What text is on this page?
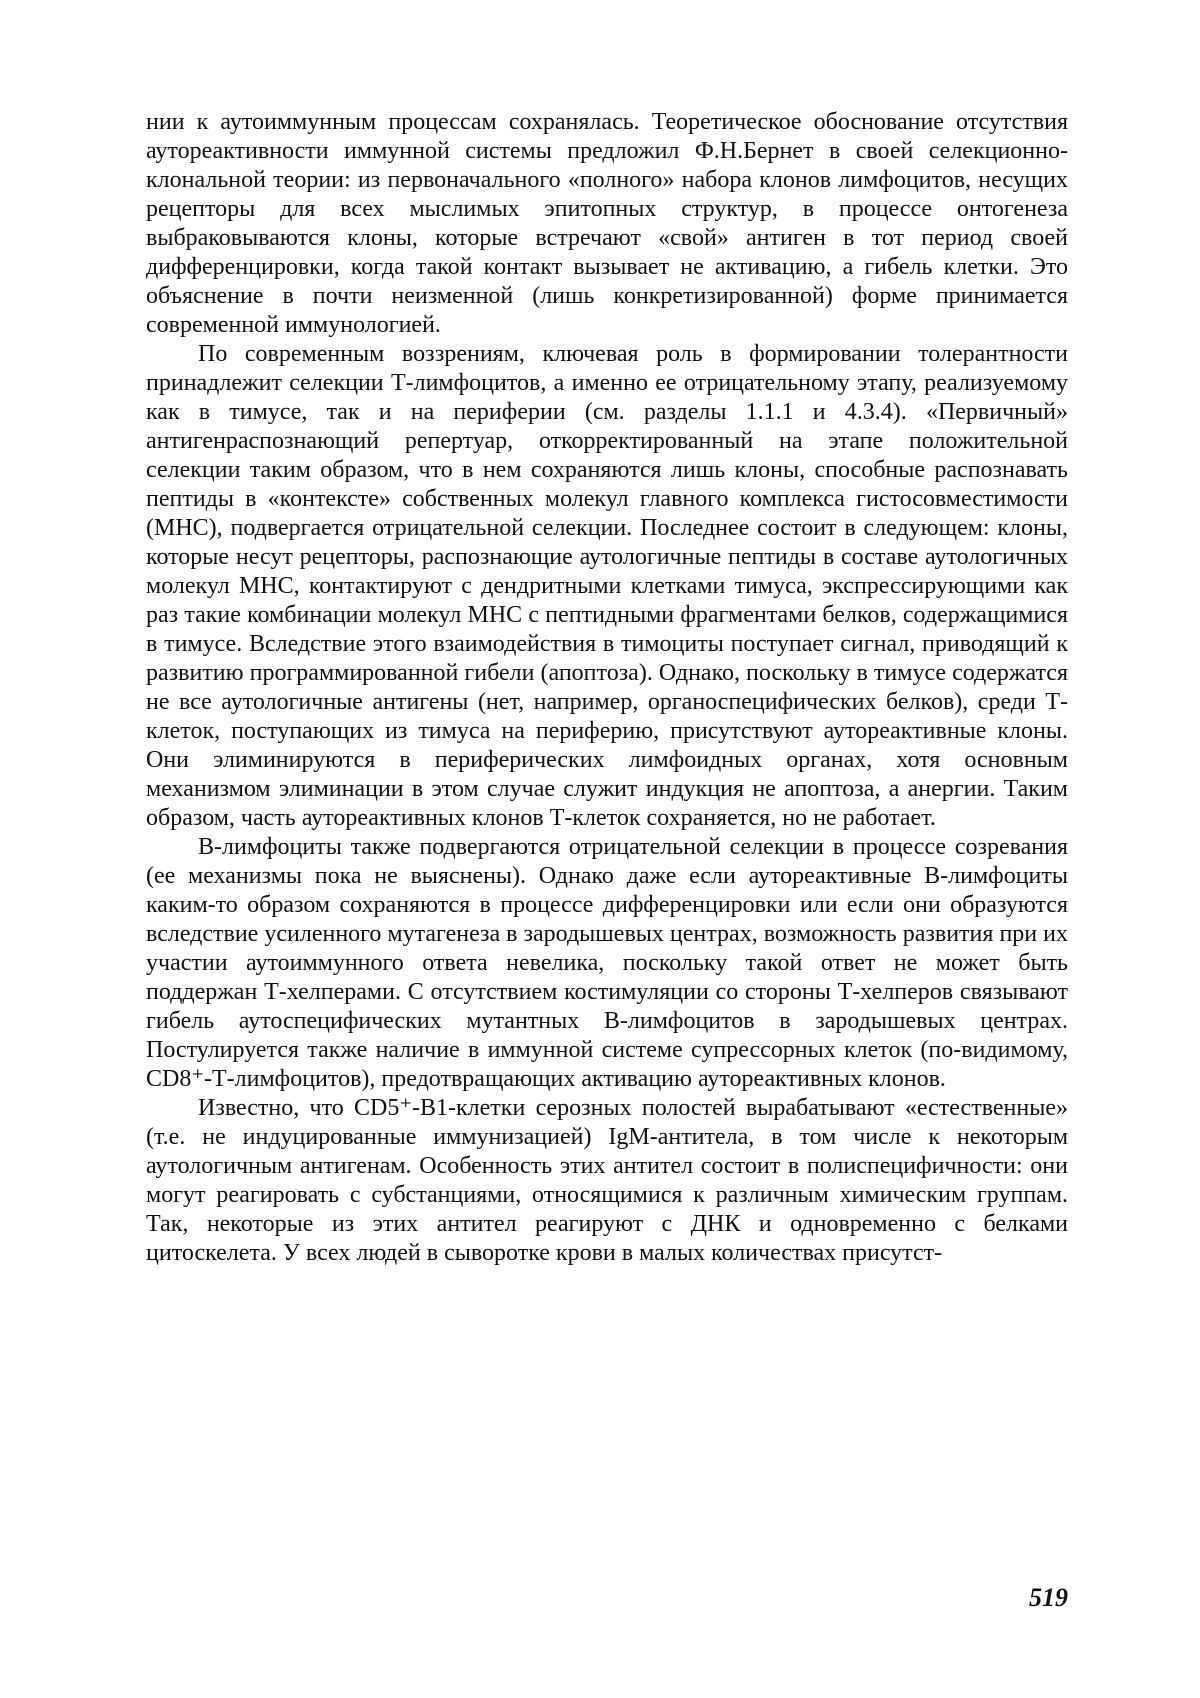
нии к аутоиммунным процессам сохранялась. Теоретическое обоснование отсутствия аутореактивности иммунной системы предложил Ф.Н.Бернет в своей селекционно-клональной теории: из первоначального «полного» набора клонов лимфоцитов, несущих рецепторы для всех мыслимых эпитопных структур, в процессе онтогенеза выбраковываются клоны, которые встречают «свой» антиген в тот период своей дифференцировки, когда такой контакт вызывает не активацию, а гибель клетки. Это объяснение в почти неизменной (лишь конкретизированной) форме принимается современной иммунологией.

По современным воззрениям, ключевая роль в формировании толерантности принадлежит селекции Т-лимфоцитов, а именно ее отрицательному этапу, реализуемому как в тимусе, так и на периферии (см. разделы 1.1.1 и 4.3.4). «Первичный» антигенраспознающий репертуар, откорректированный на этапе положительной селекции таким образом, что в нем сохраняются лишь клоны, способные распознавать пептиды в «контексте» собственных молекул главного комплекса гистосовместимости (МНС), подвергается отрицательной селекции. Последнее состоит в следующем: клоны, которые несут рецепторы, распознающие аутологичные пептиды в составе аутологичных молекул МНС, контактируют с дендритными клетками тимуса, экспрессирующими как раз такие комбинации молекул МНС с пептидными фрагментами белков, содержащимися в тимусе. Вследствие этого взаимодействия в тимоциты поступает сигнал, приводящий к развитию программированной гибели (апоптоза). Однако, поскольку в тимусе содержатся не все аутологичные антигены (нет, например, органоспецифических белков), среди Т-клеток, поступающих из тимуса на периферию, присутствуют аутореактивные клоны. Они элиминируются в периферических лимфоидных органах, хотя основным механизмом элиминации в этом случае служит индукция не апоптоза, а анергии. Таким образом, часть аутореактивных клонов Т-клеток сохраняется, но не работает.

В-лимфоциты также подвергаются отрицательной селекции в процессе созревания (ее механизмы пока не выяснены). Однако даже если аутореактивные В-лимфоциты каким-то образом сохраняются в процессе дифференцировки или если они образуются вследствие усиленного мутагенеза в зародышевых центрах, возможность развития при их участии аутоиммунного ответа невелика, поскольку такой ответ не может быть поддержан Т-хелперами. С отсутствием костимуляции со стороны Т-хелперов связывают гибель аутоспецифических мутантных В-лимфоцитов в зародышевых центрах. Постулируется также наличие в иммунной системе супрессорных клеток (по-видимому, CD8⁺-Т-лимфоцитов), предотвращающих активацию аутореактивных клонов.

Известно, что CD5⁺-B1-клетки серозных полостей вырабатывают «естественные» (т.е. не индуцированные иммунизацией) IgM-антитела, в том числе к некоторым аутологичным антигенам. Особенность этих антител состоит в полиспецифичности: они могут реагировать с субстанциями, относящимися к различным химическим группам. Так, некоторые из этих антител реагируют с ДНК и одновременно с белками цитоскелета. У всех людей в сыворотке крови в малых количествах присутст-

519
